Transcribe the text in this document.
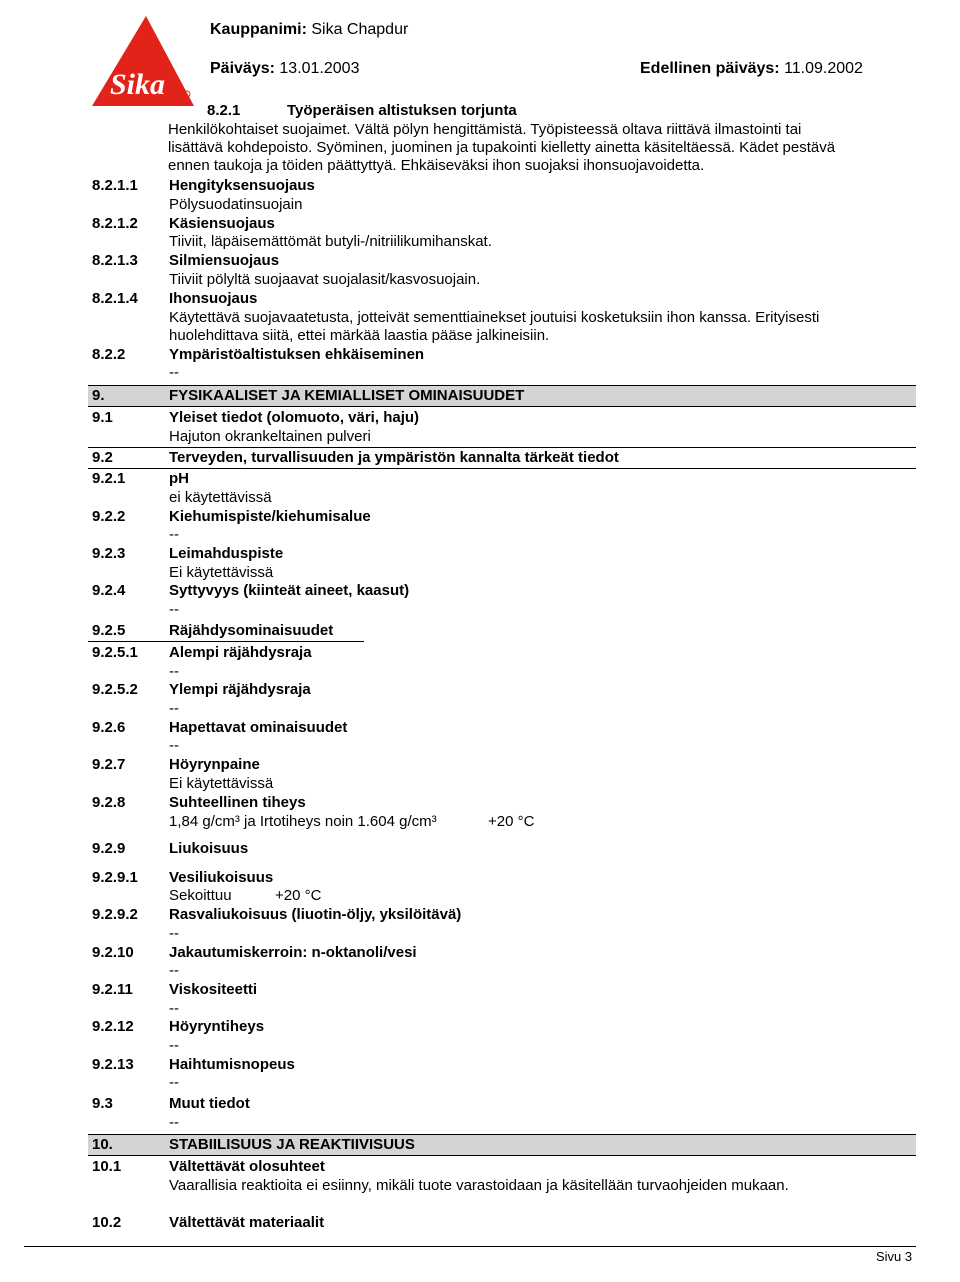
Sika
Kauppanimi: Sika Chapdur
Päiväys: 13.01.2003	Edellinen päiväys: 11.09.2002
8.2.1	Työperäisen altistuksen torjunta
Henkilökohtaiset suojaimet. Vältä pölyn hengittämistä. Työpisteessä oltava riittävä ilmastointi tai
lisättävä kohdepoisto. Syöminen, juominen ja tupakointi kielletty ainetta käsiteltäessä. Kädet pestävä
ennen taukoja ja töiden päättyttyä. Ehkäiseväksi ihon suojaksi ihonsuojavoidetta.
8.2.1.1 Hengityksensuojaus
Pölysuodatinsuojain
8.2.1.2 Käsiensuojaus
Tiiviit, läpäisemättömät butyli-/nitriilikumihanskat.
8.2.1.3 Silmiensuojaus
Tiiviit pölyltä suojaavat suojalasit/kasvosuojain.
8.2.1.4 Ihonsuojaus
Käytettävä suojavaatetusta, jotteivät sementtiainekset joutuisi kosketuksiin ihon kanssa. Erityisesti
huolehdittava siitä, ettei märkää laastia pääse jalkineisiin.
8.2.2	Ympäristöaltistuksen ehkäiseminen
--
9.	FYSIKAALISET JA KEMIALLISET OMINAISUUDET
9.1	Yleiset tiedot (olomuoto, väri, haju)
Hajuton okrankeltainen pulveri
9.2	Terveyden, turvallisuuden ja ympäristön kannalta tärkeät tiedot
9.2.1	pH
ei käytettävissä
9.2.2	Kiehumispiste/kiehumisalue
--
9.2.3	Leimahduspiste
Ei käytettävissä
9.2.4	Syttyvyys (kiinteät aineet, kaasut)
--
9.2.5	Räjähdysominaisuudet
9.2.5.1 Alempi räjähdysraja
--
9.2.5.2 Ylempi räjähdysraja
--
9.2.6	Hapettavat ominaisuudet
--
9.2.7	Höyrynpaine
Ei käytettävissä
9.2.8	Suhteellinen tiheys
1,84 g/cm³ ja Irtotiheys noin 1.604 g/cm³	+20 °C
9.2.9	Liukoisuus
9.2.9.1 Vesiliukoisuus
Sekoittuu	+20 °C
9.2.9.2 Rasvaliukoisuus (liuotin-öljy, yksilöitävä)
--
9.2.10 Jakautumiskerroin: n-oktanoli/vesi
--
9.2.11 Viskositeetti
--
9.2.12 Höyryntiheys
--
9.2.13 Haihtumisnopeus
--
9.3	Muut tiedot
--
10.	STABIILISUUS JA REAKTIIVISUUS
10.1	Vältettävät olosuhteet
Vaarallisia reaktioita ei esiinny, mikäli tuote varastoidaan ja käsitellään turvaohjeiden mukaan.
10.2	Vältettävät materiaalit
Sivu 3
